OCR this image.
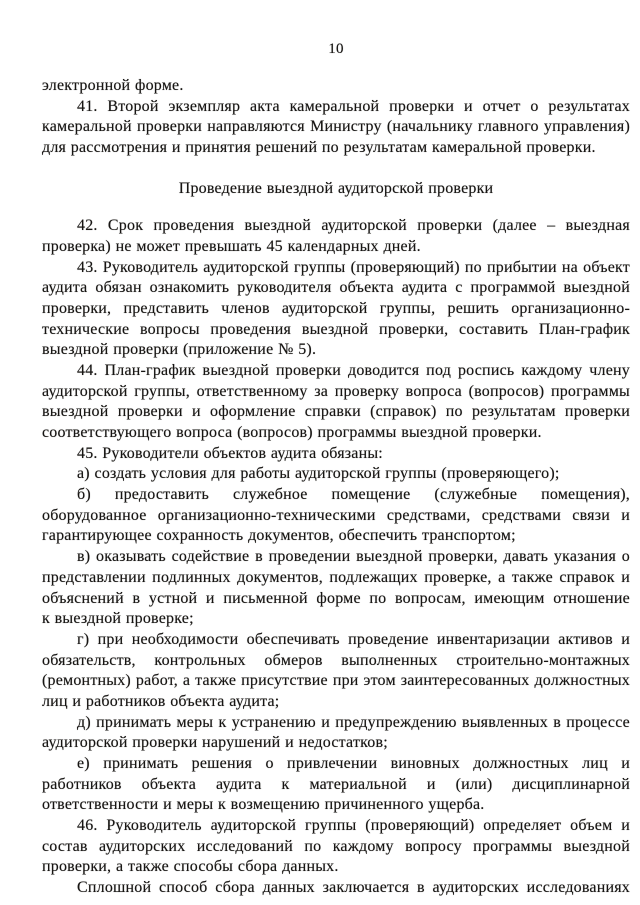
10
электронной форме.
41. Второй экземпляр акта камеральной проверки и отчет о результатах
камеральной проверки направляются Министру (начальнику главного управления)
для рассмотрения и принятия решений по результатам камеральной проверки.
Проведение выездной аудиторской проверки
42. Срок проведения выездной аудиторской проверки (далее – выездная
проверка) не может превышать 45 календарных дней.
43. Руководитель аудиторской группы (проверяющий) по прибытии на объект
аудита обязан ознакомить руководителя объекта аудита с программой выездной
проверки, представить членов аудиторской группы, решить организационно-
технические вопросы проведения выездной проверки, составить План-график
выездной проверки (приложение № 5).
44. План-график выездной проверки доводится под роспись каждому члену
аудиторской группы, ответственному за проверку вопроса (вопросов) программы
выездной проверки и оформление справки (справок) по результатам проверки
соответствующего вопроса (вопросов) программы выездной проверки.
45. Руководители объектов аудита обязаны:
а) создать условия для работы аудиторской группы (проверяющего);
б) предоставить служебное помещение (служебные помещения),
оборудованное организационно-техническими средствами, средствами связи и
гарантирующее сохранность документов, обеспечить транспортом;
в) оказывать содействие в проведении выездной проверки, давать указания о
представлении подлинных документов, подлежащих проверке, а также справок и
объяснений в устной и письменной форме по вопросам, имеющим отношение
к выездной проверке;
г) при необходимости обеспечивать проведение инвентаризации активов и
обязательств, контрольных обмеров выполненных строительно-монтажных
(ремонтных) работ, а также присутствие при этом заинтересованных должностных
лиц и работников объекта аудита;
д) принимать меры к устранению и предупреждению выявленных в процессе
аудиторской проверки нарушений и недостатков;
е) принимать решения о привлечении виновных должностных лиц и
работников объекта аудита к материальной и (или) дисциплинарной
ответственности и меры к возмещению причиненного ущерба.
46. Руководитель аудиторской группы (проверяющий) определяет объем и
состав аудиторских исследований по каждому вопросу программы выездной
проверки, а также способы сбора данных.
Сплошной способ сбора данных заключается в аудиторских исследованиях
